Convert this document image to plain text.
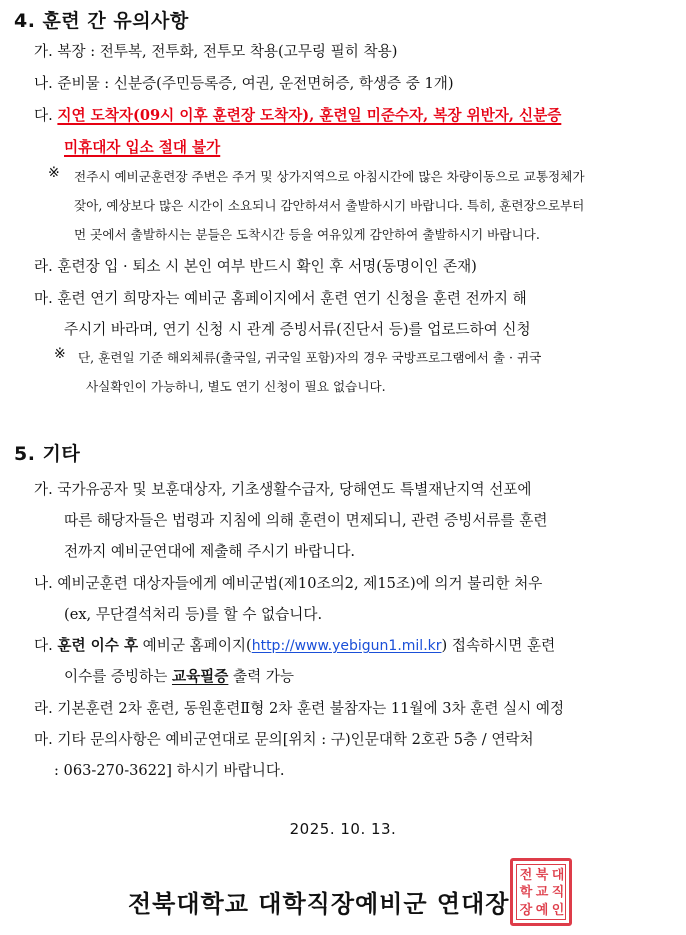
4. 훈련 간 유의사항
가. 복장 : 전투복, 전투화, 전투모 착용(고무링 필히 착용)
나. 준비물 : 신분증(주민등록증, 여권, 운전면허증, 학생증 중 1개)
다. 지연 도착자(09시 이후 훈련장 도착자), 훈련일 미준수자, 복장 위반자, 신분증
미휴대자 입소 절대 불가
※ 전주시 예비군훈련장 주변은 주거 및 상가지역으로 아침시간에 많은 차량이동으로 교통정체가
잦아, 예상보다 많은 시간이 소요되니 감안하셔서 출발하시기 바랍니다. 특히, 훈련장으로부터
먼 곳에서 출발하시는 분들은 도착시간 등을 여유있게 감안하여 출발하시기 바랍니다.
라. 훈련장 입 · 퇴소 시 본인 여부 반드시 확인 후 서명(동명이인 존재)
마. 훈련 연기 희망자는 예비군 홈페이지에서 훈련 연기 신청을 훈련 전까지 해
주시기 바라며, 연기 신청 시 관계 증빙서류(진단서 등)를 업로드하여 신청
※ 단, 훈련일 기준 해외체류(출국일, 귀국일 포함)자의 경우 국방프로그램에서 출 · 귀국
사실확인이 가능하니, 별도 연기 신청이 필요 없습니다.
5. 기타
가. 국가유공자 및 보훈대상자, 기초생활수급자, 당해연도 특별재난지역 선포에
따른 해당자들은 법령과 지침에 의해 훈련이 면제되니, 관련 증빙서류를 훈련
전까지 예비군연대에 제출해 주시기 바랍니다.
나. 예비군훈련 대상자들에게 예비군법(제10조의2, 제15조)에 의거 불리한 처우
(ex, 무단결석처리 등)를 할 수 없습니다.
다. 훈련 이수 후 예비군 홈페이지(http://www.yebigun1.mil.kr) 접속하시면 훈련
이수를 증빙하는 교육필증 출력 가능
라. 기본훈련 2차 훈련, 동원훈련Ⅱ형 2차 훈련 불참자는 11월에 3차 훈련 실시 예정
마. 기타 문의사항은 예비군연대로 문의[위치 : 구)인문대학 2호관 5층 / 연락처
: 063-270-3622] 하시기 바랍니다.
2025. 10. 13.
전북대학교 대학직장예비군 연대장
전 북 대
학 교 직
장 예 인
